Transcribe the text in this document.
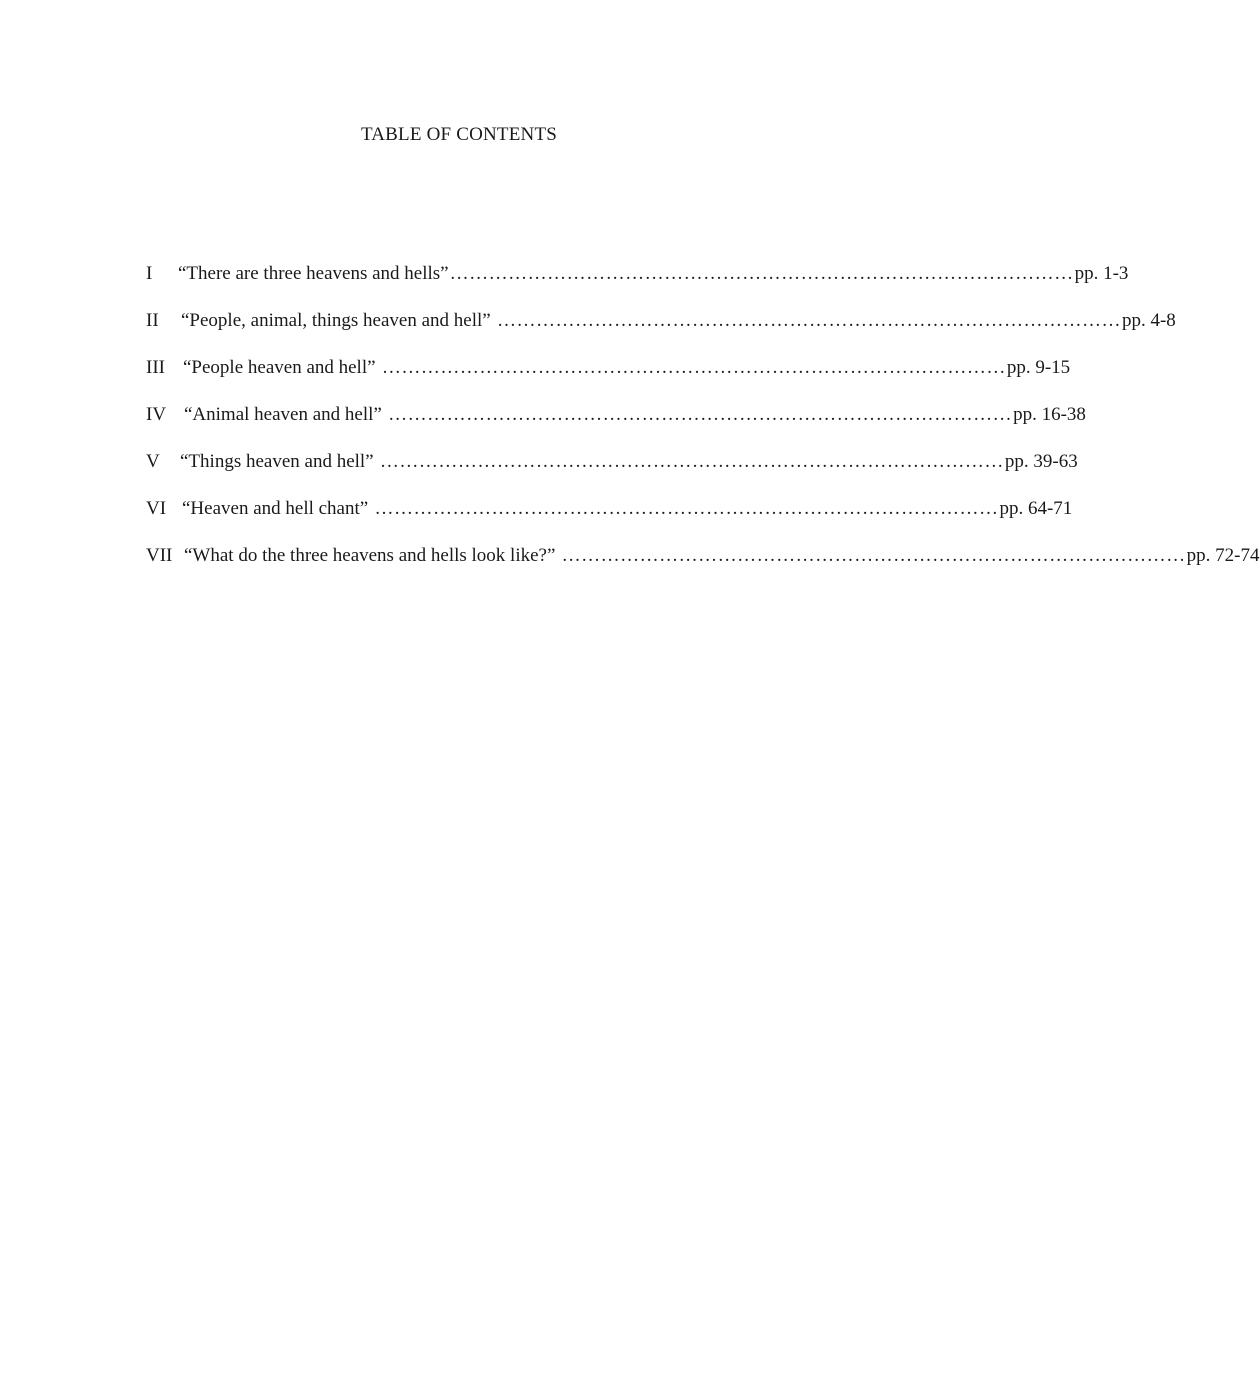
TABLE OF CONTENTS
I	“There are three heavens and hells” …………………………………………………………………………………… pp. 1-3
II	“People, animal, things heaven and hell” …………………………………………………………………………………… pp. 4-8
III “People heaven and hell” …………………………………………………………………………………… pp. 9-15
IV “Animal heaven and hell” …………………………………………………………………………………… pp. 16-38
V	“Things heaven and hell” …………………………………………………………………………………… pp. 39-63
VI “Heaven and hell chant” …………………………………………………………………………………… pp. 64-71
VII “What do the three heavens and hells look like?” …………………………………………………………………………………… pp. 72-74
